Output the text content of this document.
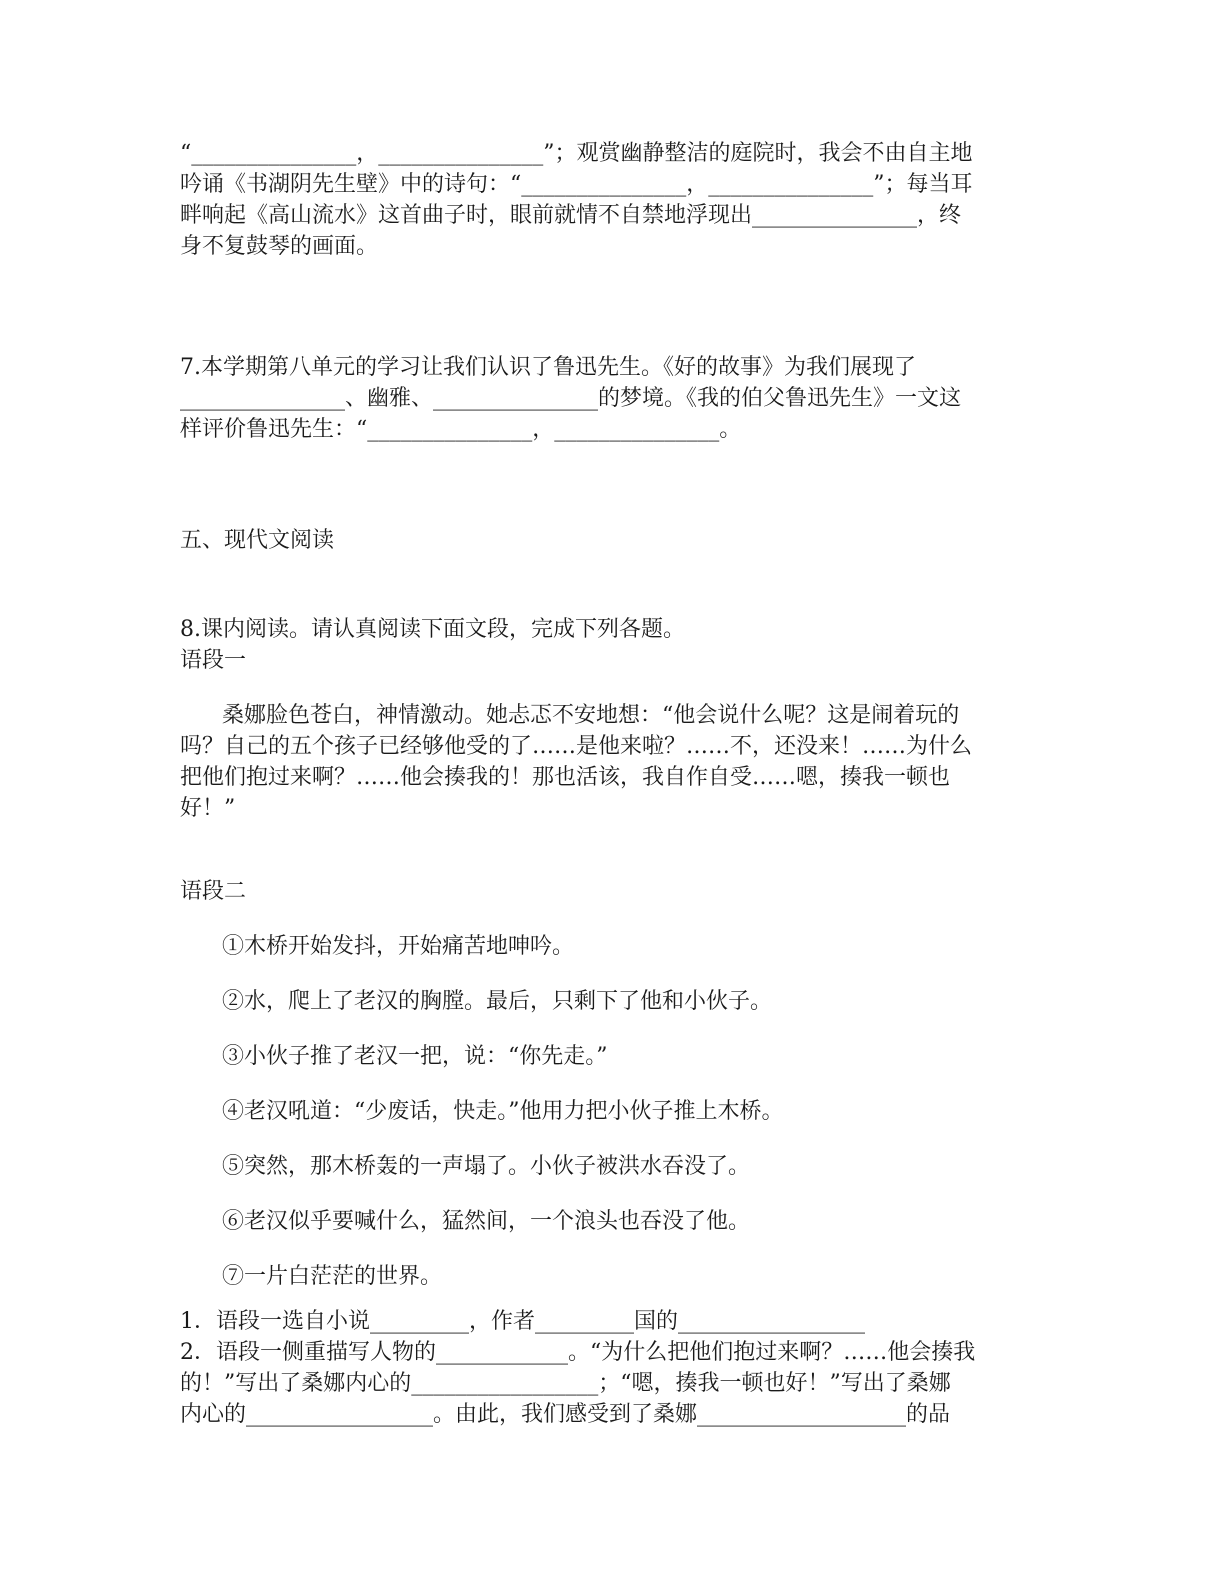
“_______________，_______________”；观赏幽静整洁的庭院时，我会不由自主地
吟诵《书湖阴先生壁》中的诗句：“_______________，_______________”；每当耳
畔响起《高山流水》这首曲子时，眼前就情不自禁地浮现出_______________，终
身不复鼓琴的画面。
7.本学期第八单元的学习让我们认识了鲁迅先生。《好的故事》为我们展现了
_______________、幽雅、_______________的梦境。《我的伯父鲁迅先生》一文这
样评价鲁迅先生：“_______________，_______________。
五、现代文阅读
8.课内阅读。请认真阅读下面文段，完成下列各题。
语段一
桑娜脸色苍白，神情激动。她忐忑不安地想：“他会说什么呢？这是闹着玩的
吗？自己的五个孩子已经够他受的了……是他来啦？……不，还没来！……为什么
把他们抱过来啊？……他会揍我的！那也活该，我自作自受……嗯，揍我一顿也
好！”
语段二
①木桥开始发抖，开始痛苦地呻吟。
②水，爬上了老汉的胸膛。最后，只剩下了他和小伙子。
③小伙子推了老汉一把，说：“你先走。”
④老汉吼道：“少废话，快走。”他用力把小伙子推上木桥。
⑤突然，那木桥轰的一声塌了。小伙子被洪水吞没了。
⑥老汉似乎要喊什么，猛然间，一个浪头也吞没了他。
⑦一片白茫茫的世界。
1．语段一选自小说_________，作者_________国的_________________
2．语段一侧重描写人物的____________。“为什么把他们抱过来啊？……他会揍我
的！”写出了桑娜内心的_________________；“嗯，揍我一顿也好！”写出了桑娜
内心的_________________。由此，我们感受到了桑娜___________________的品
